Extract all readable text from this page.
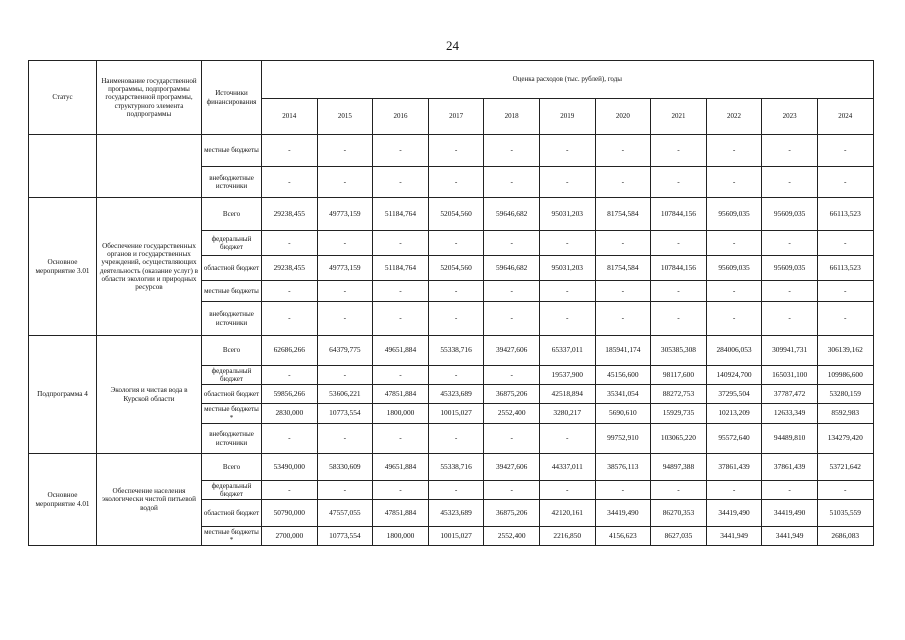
24
Статус	Наименование государственной программы, подпрограммы государственной программы, структурного элемента подпрограммы	Источники финансирования	Оценка расходов (тыс. рублей), годы										
			2014	2015	2016	2017	2018	2019	2020	2021	2022	2023	2024
		местные бюджеты	-	-	-	-	-	-	-	-	-	-	-
		внебюджетные источники	-	-	-	-	-	-	-	-	-	-	-
Основное мероприятие 3.01	Обеспечение государственных органов и государственных учреждений, осуществляющих деятельность (оказание услуг) в области экологии и природных ресурсов	Всего	29238,455	49773,159	51184,764	52054,560	59646,682	95031,203	81754,584	107844,156	95609,035	95609,035	66113,523
		федеральный бюджет	-	-	-	-	-	-	-	-	-	-	-
		областной бюджет	29238,455	49773,159	51184,764	52054,560	59646,682	95031,203	81754,584	107844,156	95609,035	95609,035	66113,523
		местные бюджеты	-	-	-	-	-	-	-	-	-	-	-
		внебюджетные источники	-	-	-	-	-	-	-	-	-	-	-
Подпрограмма 4	Экология и чистая вода в Курской области	Всего	62686,266	64379,775	49651,884	55338,716	39427,606	65337,011	185941,174	305385,308	284006,053	309941,731	306139,162
		федеральный бюджет	-	-	-	-	-	19537,900	45156,600	98117,600	140924,700	165031,100	109986,600
		областной бюджет	59856,266	53606,221	47851,884	45323,689	36875,206	42518,894	35341,054	88272,753	37295,504	37787,472	53280,159
		местные бюджеты *	2830,000	10773,554	1800,000	10015,027	2552,400	3280,217	5690,610	15929,735	10213,209	12633,349	8592,983
		внебюджетные источники	-	-	-	-	-	-	99752,910	103065,220	95572,640	94489,810	134279,420
Основное мероприятие 4.01	Обеспечение населения экологически чистой питьевой водой	Всего	53490,000	58330,609	49651,884	55338,716	39427,606	44337,011	38576,113	94897,388	37861,439	37861,439	53721,642
		федеральный бюджет	-	-	-	-	-	-	-	-	-	-	-
		областной бюджет	50790,000	47557,055	47851,884	45323,689	36875,206	42120,161	34419,490	86270,353	34419,490	34419,490	51035,559
		местные бюджеты *	2700,000	10773,554	1800,000	10015,027	2552,400	2216,850	4156,623	8627,035	3441,949	3441,949	2686,083
